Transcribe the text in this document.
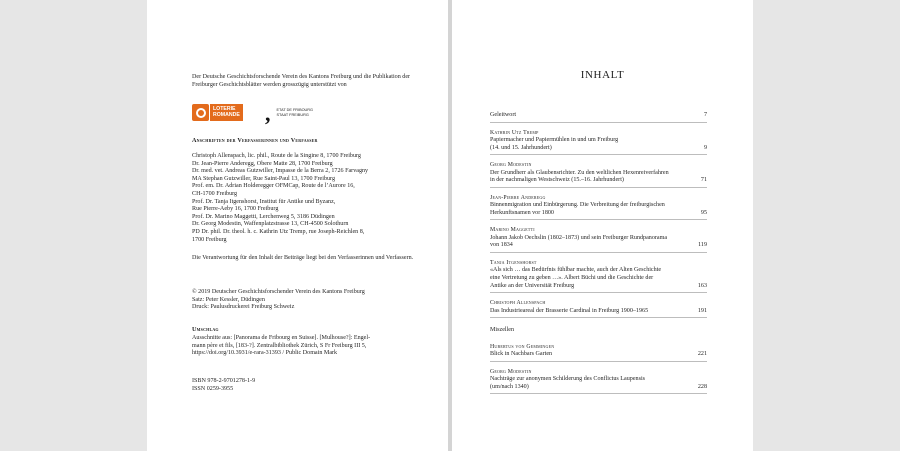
Der Deutsche Geschichtsforschende Verein des Kantons Freiburg und die Publikation der Freiburger Geschichtsblätter werden grosszügig unterstützt von
LOTERIE
ROMANDE , ETAT DE FRIBOURG
STAAT FREIBURG
Anschriften der Verfasserinnen und Verfasser
Christoph Allenspach, lic. phil., Route de la Singine 8, 1700 Freiburg
Dr. Jean-Pierre Anderegg, Obere Matte 28, 1700 Freiburg
Dr. med. vet. Andreas Gutzwiller, Impasse de la Berra 2, 1726 Farvagny
MA Stephan Gutzwiller, Rue Saint-Paul 13, 1700 Freiburg
Prof. em. Dr. Adrian Holderegger OFMCap, Route de l’Aurore 16,
CH-1700 Freiburg
Prof. Dr. Tanja Itgenshorst, Institut für Antike und Byzanz,
Rue Pierre-Aeby 16, 1700 Freiburg
Prof. Dr. Marino Maggetti, Lerchenweg 5, 3186 Düdingen
Dr. Georg Modestin, Waffenplatzstrasse 13, CH-4500 Solothurn
PD Dr. phil. Dr. theol. h. c. Kathrin Utz Tremp, rue Joseph-Reichlen 8,
1700 Freiburg
Die Verantwortung für den Inhalt der Beiträge liegt bei den Verfasserinnen und Verfassern.
© 2019 Deutscher Geschichtsforschender Verein des Kantons Freiburg
Satz: Peter Kessler, Düdingen
Druck: Paulusdruckerei Freiburg Schweiz
Umschlag
Ausschnitte aus: [Panorama de Fribourg en Suisse]. [Mulhouse?]: Engel-
mann père et fils, [183-?]. Zentralbibliothek Zürich, S Fr Freiburg III 5,
https://doi.org/10.3931/e-rara-31393 / Public Domain Mark
ISBN 978-2-9701278-1-9
ISSN 0259-3955
INHALT
Geleitwort	7
Kathrin Utz Tremp
Papiermacher und Papiermühlen in und um Freiburg
(14. und 15. Jahrhundert)	9
Georg Modestin
Der Grundherr als Glaubensrichter. Zu den weltlichen Hexenreiverfahren
in der nachmaligen Westschweiz (15.–16. Jahrhundert)	71
Jean-Pierre Anderegg
Binnenmigration und Einbürgerung. Die Verbreitung der freiburgischen
Herkunftsnamen vor 1800	95
Marino Maggetti
Johann Jakob Oechslin (1802–1873) und sein Freiburger Rundpanorama
von 1834	119
Tanja Itgenshorst
«Als sich … das Bedürfnis fühlbar machte, auch der Alten Geschichte
eine Vertretung zu geben …». Albert Büchi und die Geschichte der
Antike an der Universität Freiburg	163
Christoph Allenspach
Das Industrieareal der Brasserie Cardinal in Freiburg 1900–1965	191
Miszellen
Hubertus von Gemmingen
Blick in Nachbars Garten	221
Georg Modestin
Nachträge zur anonymen Schilderung des Conflictus Laupensis
(um/nach 1340)	228
